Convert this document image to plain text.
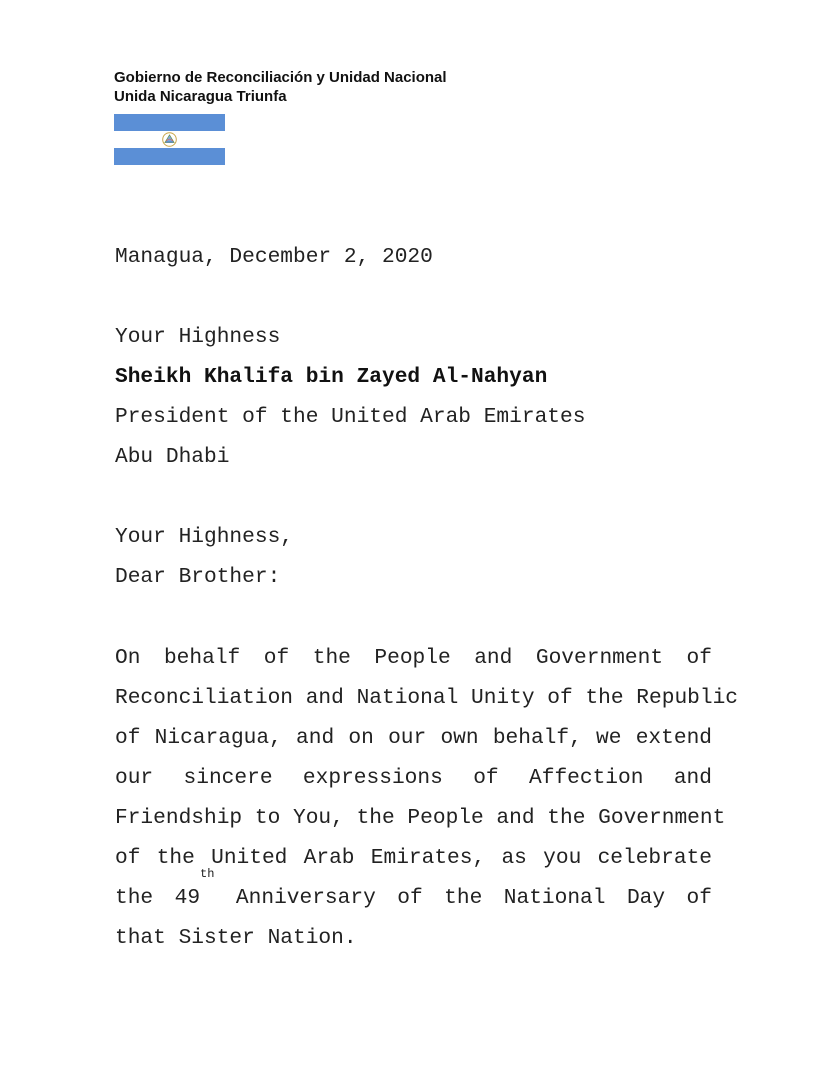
Gobierno de Reconciliación y Unidad Nacional
Unida Nicaragua Triunfa
Managua, December 2, 2020
Your Highness
Sheikh Khalifa bin Zayed Al-Nahyan
President of the United Arab Emirates
Abu Dhabi
Your Highness,
Dear Brother:
On behalf of the People and Government of
Reconciliation and National Unity of the Republic
of Nicaragua, and on our own behalf, we extend
our sincere expressions of Affection and
Friendship to You, the People and the Government
of the United Arab Emirates, as you celebrate
the 49th Anniversary of the National Day of
that Sister Nation.
